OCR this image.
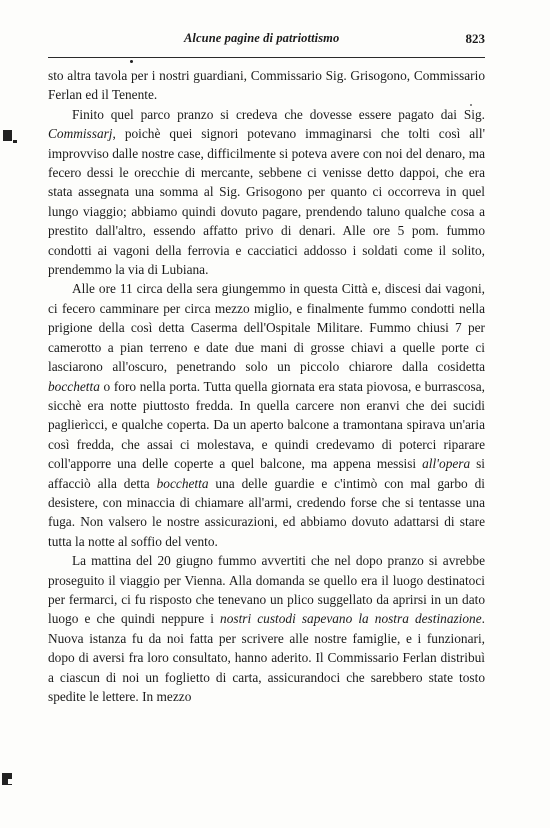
Alcune pagine di patriottismo	823

sto altra tavola per i nostri guardiani, Commissario Sig. Grisogono, Commissario Ferlan ed il Tenente.

Finito quel parco pranzo si credeva che dovesse essere pagato dai Sig. Commissarj, poichè quei signori potevano immaginarsi che tolti così all' improvviso dalle nostre case, difficilmente si poteva avere con noi del denaro, ma fecero dessi le orecchie di mercante, sebbene ci venisse detto dappoi, che era stata assegnata una somma al Sig. Grisogono per quanto ci occorreva in quel lungo viaggio; abbiamo quindi dovuto pagare, prendendo taluno qualche cosa a prestito dall'altro, essendo affatto privo di denari. Alle ore 5 pom. fummo condotti ai vagoni della ferrovia e cacciatici addosso i soldati come il solito, prendemmo la via di Lubiana.

Alle ore 11 circa della sera giungemmo in questa Città e, discesi dai vagoni, ci fecero camminare per circa mezzo miglio, e finalmente fummo condotti nella prigione della così detta Caserma dell'Ospitale Militare. Fummo chiusi 7 per camerotto a pian terreno e date due mani di grosse chiavi a quelle porte ci lasciarono all'oscuro, penetrando solo un piccolo chiarore dalla cosidetta bocchetta o foro nella porta. Tutta quella giornata era stata piovosa, e burrascosa, sicchè era notte piuttosto fredda. In quella carcere non eranvi che dei sucidi paglierìcci, e qualche coperta. Da un aperto balcone a tramontana spirava un'aria così fredda, che assai ci molestava, e quindi credevamo di poterci riparare coll'apporre una delle coperte a quel balcone, ma appena messisi all'opera si affacciò alla detta bocchetta una delle guardie e c'intimò con mal garbo di desistere, con minaccia di chiamare all'armi, credendo forse che si tentasse una fuga. Non valsero le nostre assicurazioni, ed abbiamo dovuto adattarsi di stare tutta la notte al soffio del vento.

La mattina del 20 giugno fummo avvertiti che nel dopo pranzo si avrebbe proseguito il viaggio per Vienna. Alla domanda se quello era il luogo destinatoci per fermarci, ci fu risposto che tenevano un plico suggellato da aprirsi in un dato luogo e che quindi neppure i nostri custodi sapevano la nostra destinazione. Nuova istanza fu da noi fatta per scrivere alle nostre famiglie, e i funzionari, dopo di aversi fra loro consultato, hanno aderito. Il Commissario Ferlan distribuì a ciascun di noi un foglietto di carta, assicurandoci che sarebbero state tosto spedite le lettere. In mezzo
